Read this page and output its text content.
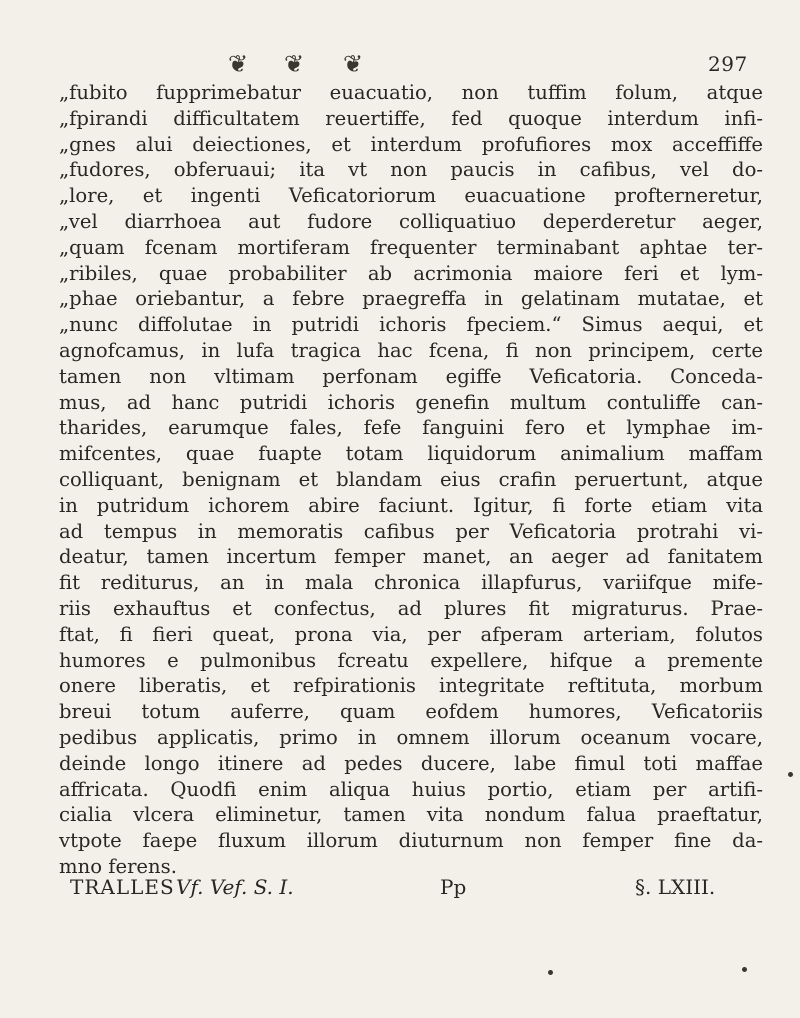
❦ ❦ ❦	297
„fubito fupprimebatur euacuatio, non tuffim folum, atque
„fpirandi difficultatem reuertiffe, fed quoque interdum infi-
„gnes alui deiectiones, et interdum profufiores mox acceffiffe
„fudores, obferuaui; ita vt non paucis in cafibus, vel do-
„lore, et ingenti Veficatoriorum euacuatione profterneretur,
„vel diarrhoea aut fudore colliquatiuo deperderetur aeger,
„quam fcenam mortiferam frequenter terminabant aphtae ter-
„ribiles, quae probabiliter ab acrimonia maiore feri et lym-
„phae oriebantur, a febre praegreffa in gelatinam mutatae, et
„nunc diffolutae in putridi ichoris fpeciem.“ Simus aequi, et
agnofcamus, in lufa tragica hac fcena, fi non principem, certe
tamen non vltimam perfonam egiffe Veficatoria. Conceda-
mus, ad hanc putridi ichoris genefin multum contuliffe can-
tharides, earumque fales, fefe fanguini fero et lymphae im-
mifcentes, quae fuapte totam liquidorum animalium maffam
colliquant, benignam et blandam eius crafin peruertunt, atque
in putridum ichorem abire faciunt. Igitur, fi forte etiam vita
ad tempus in memoratis cafibus per Veficatoria protrahi vi-
deatur, tamen incertum femper manet, an aeger ad fanitatem
fit rediturus, an in mala chronica illapfurus, variifque mife-
riis exhauftus et confectus, ad plures fit migraturus. Prae-
ftat, fi fieri queat, prona via, per afperam arteriam, folutos
humores e pulmonibus fcreatu expellere, hifque a premente
onere liberatis, et refpirationis integritate reftituta, morbum
breui totum auferre, quam eofdem humores, Veficatoriis
pedibus applicatis, primo in omnem illorum oceanum vocare,
deinde longo itinere ad pedes ducere, labe fimul toti maffae
affricata. Quodfi enim aliqua huius portio, etiam per artifi-
cialia vlcera eliminetur, tamen vita nondum falua praeftatur,
vtpote faepe fluxum illorum diuturnum non femper fine da-
mno ferens.
TRALLES Vf. Vef. S. I.	Pp	§. LXIII.
